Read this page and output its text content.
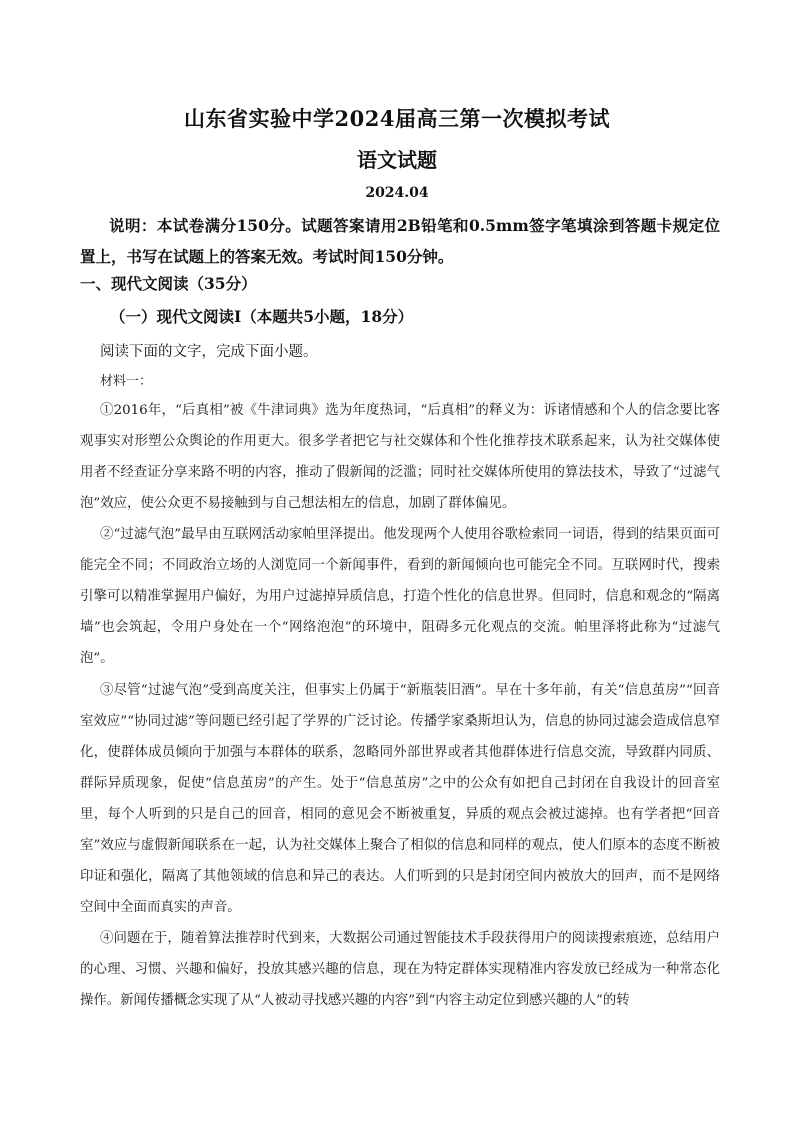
山东省实验中学2024届高三第一次模拟考试
语文试题
2024.04
说明：本试卷满分150分。试题答案请用2B铅笔和0.5mm签字笔填涂到答题卡规定位置上，书写在试题上的答案无效。考试时间150分钟。
一、现代文阅读（35分）
（一）现代文阅读Ⅰ（本题共5小题，18分）
阅读下面的文字，完成下面小题。
材料一：
①2016年，“后真相”被《牛津词典》选为年度热词，“后真相”的释义为：诉诸情感和个人的信念要比客观事实对形塑公众舆论的作用更大。很多学者把它与社交媒体和个性化推荐技术联系起来，认为社交媒体使用者不经查证分享来路不明的内容，推动了假新闻的泛滥；同时社交媒体所使用的算法技术，导致了“过滤气泡”效应，使公众更不易接触到与自己想法相左的信息，加剧了群体偏见。
②“过滤气泡”最早由互联网活动家帕里泽提出。他发现两个人使用谷歌检索同一词语，得到的结果页面可能完全不同；不同政治立场的人浏览同一个新闻事件，看到的新闻倾向也可能完全不同。互联网时代，搜索引擎可以精准掌握用户偏好，为用户过滤掉异质信息，打造个性化的信息世界。但同时，信息和观念的“隔离墙”也会筑起，令用户身处在一个“网络泡泡”的环境中，阻碍多元化观点的交流。帕里泽将此称为“过滤气泡”。
③尽管“过滤气泡”受到高度关注，但事实上仍属于“新瓶装旧酒”。早在十多年前，有关“信息茧房”“回音室效应”“协同过滤”等问题已经引起了学界的广泛讨论。传播学家桑斯坦认为，信息的协同过滤会造成信息窄化，使群体成员倾向于加强与本群体的联系，忽略同外部世界或者其他群体进行信息交流，导致群内同质、群际异质现象，促使“信息茧房”的产生。处于“信息茧房”之中的公众有如把自己封闭在自我设计的回音室里，每个人听到的只是自己的回音，相同的意见会不断被重复，异质的观点会被过滤掉。也有学者把“回音室”效应与虚假新闻联系在一起，认为社交媒体上聚合了相似的信息和同样的观点，使人们原本的态度不断被印证和强化，隔离了其他领域的信息和异己的表达。人们听到的只是封闭空间内被放大的回声，而不是网络空间中全面而真实的声音。
④问题在于，随着算法推荐时代到来，大数据公司通过智能技术手段获得用户的阅读搜索痕迹，总结用户的心理、习惯、兴趣和偏好，投放其感兴趣的信息，现在为特定群体实现精准内容发放已经成为一种常态化操作。新闻传播概念实现了从“人被动寻找感兴趣的内容”到“内容主动定位到感兴趣的人”的转
